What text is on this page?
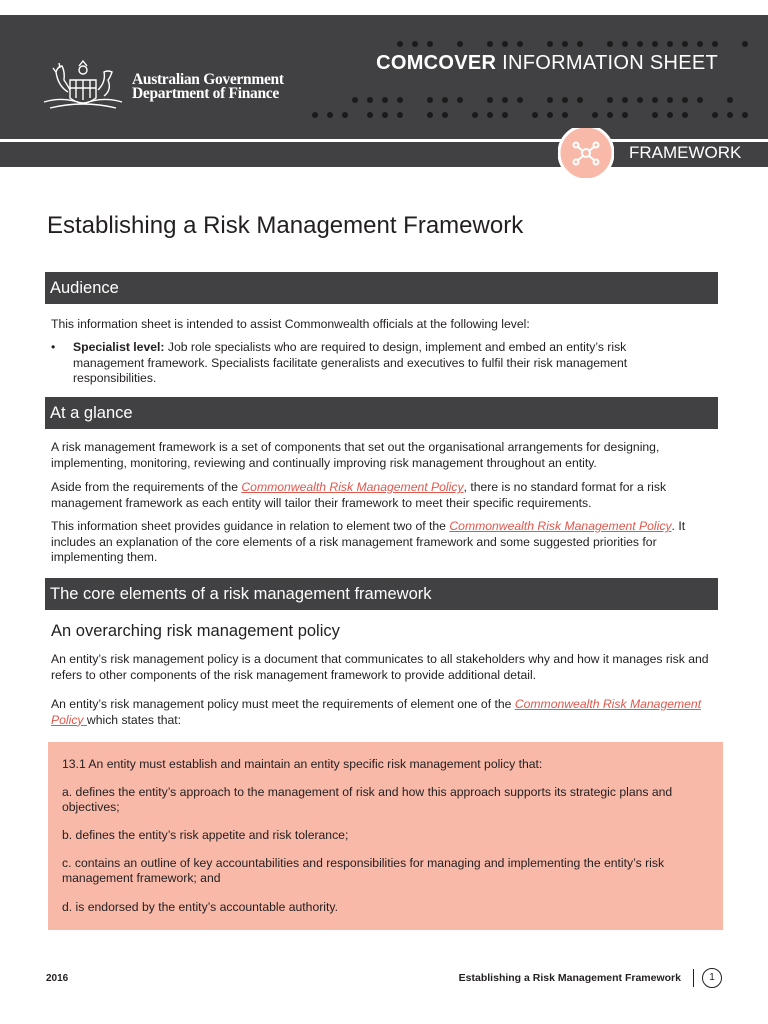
Australian Government
Department of Finance
COMCOVER INFORMATION SHEET
FRAMEWORK
Establishing a Risk Management Framework
Audience

This information sheet is intended to assist Commonwealth officials at the following level:

• Specialist level: Job role specialists who are required to design, implement and embed an entity’s risk management framework. Specialists facilitate generalists and executives to fulfil their risk management responsibilities.

At a glance

A risk management framework is a set of components that set out the organisational arrangements for designing, implementing, monitoring, reviewing and continually improving risk management throughout an entity.

Aside from the requirements of the Commonwealth Risk Management Policy, there is no standard format for a risk management framework as each entity will tailor their framework to meet their specific requirements.

This information sheet provides guidance in relation to element two of the Commonwealth Risk Management Policy. It includes an explanation of the core elements of a risk management framework and some suggested priorities for implementing them.

The core elements of a risk management framework
An overarching risk management policy

An entity’s risk management policy is a document that communicates to all stakeholders why and how it manages risk and refers to other components of the risk management framework to provide additional detail.

An entity’s risk management policy must meet the requirements of element one of the Commonwealth Risk Management Policy which states that:

13.1 An entity must establish and maintain an entity specific risk management policy that:

a. defines the entity’s approach to the management of risk and how this approach supports its strategic plans and objectives;

b. defines the entity’s risk appetite and risk tolerance;

c. contains an outline of key accountabilities and responsibilities for managing and implementing the entity’s risk management framework; and

d. is endorsed by the entity’s accountable authority.

2016	Establishing a Risk Management Framework	1
